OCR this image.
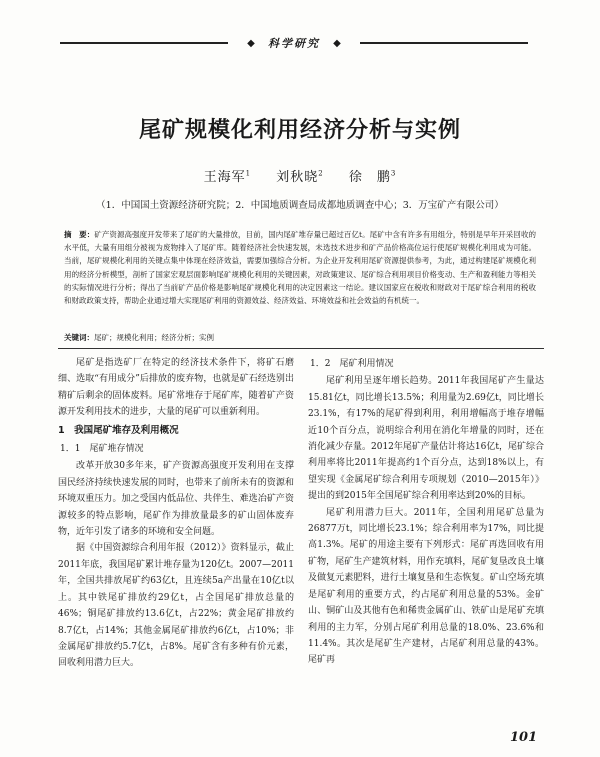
◆ 科学研究	◆
尾矿规模化利用经济分析与实例
王海军$^1$ 刘秋晓$^2$ 徐　鹏$^3$
（1．中国国土资源经济研究院；2．中国地质调查局成都地质调查中心；3．万宝矿产有限公司）
摘　要：矿产资源高强度开发带来了尾矿的大量排放，目前，国内尾矿堆存量已超过百亿t。尾矿中含有许多有用组分，特别是早年开采回收的水平低，大量有用组分被视为废物排入了尾矿库。随着经济社会快速发展，未选技术进步和矿产品价格高位运行使尾矿规模化利用成为可能。当前，尾矿规模化利用的关键点集中体现在经济效益，需要加强综合分析。为企业开发利用尾矿资源提供参考，为此，通过构建尾矿规模化利用的经济分析模型，剖析了国家宏观层面影响尾矿规模化利用的关键因素，对政策建议、尾矿综合利用项目价格变动、生产和盈利能力等相关的实际情况进行分析；得出了当前矿产品价格是影响尾矿规模化利用的决定因素这一结论。建议国家应在税收和财政对于尾矿综合利用的税收和财政政策支持，帮助企业通过增大实现尾矿利用的资源效益、经济效益、环境效益和社会效益的有机统一。
关键词：尾矿；规模化利用；经济分析；实例

尾矿是指选矿厂在特定的经济技术条件下，将矿石磨细、选取“有用成分”后排放的废弃物，也就是矿石经选别出精矿后剩余的固体废料。尾矿常堆存于尾矿库，随着矿产资源开发利用技术的进步，大量的尾矿可以重新利用。

1　我国尾矿堆存及利用概况
1．1　尾矿堆存情况

改革开放30多年来，矿产资源高强度开发利用在支撑国民经济持续快速发展的同时，也带来了前所未有的资源和环境双重压力。加之受国内低品位、共伴生、难选冶矿产资源较多的特点影响，尾矿作为排放量最多的矿山固体废弃物，近年引发了诸多的环境和安全问题。

据《中国资源综合利用年报（2012）》资料显示，截止2011年底，我国尾矿累计堆存量为120亿t。2007—2011年，全国共排放尾矿约63亿t，且连续5a产出量在10亿t以上。其中铁尾矿排放约29亿t，占全国尾矿排放总量的46%；铜尾矿排放约13.6亿t，占22%；黄金尾矿排放约8.7亿t，占14%；其他金属尾矿排放约6亿t，占10%；非金属尾矿排放约5.7亿t，占8%。尾矿含有多种有价元素，回收利用潜力巨大。

1．2　尾矿利用情况

尾矿利用呈逐年增长趋势。2011年我国尾矿产生量达15.81亿t，同比增长13.5%；利用量为2.69亿t，同比增长23.1%，有17%的尾矿得到利用，利用增幅高于堆存增幅近10个百分点，说明综合利用在消化年增量的同时，还在消化减少存量。2012年尾矿产量估计将达16亿t，尾矿综合利用率将比2011年提高约1个百分点，达到18%以上，有望实现《金属尾矿综合利用专项规划（2010—2015年）》提出的到2015年全国尾矿综合利用率达到20%的目标。

尾矿利用潜力巨大。2011年，全国利用尾矿总量为26877万t，同比增长23.1%；综合利用率为17%，同比提高1.3%。尾矿的用途主要有下列形式：尾矿再选回收有用矿物，尾矿生产建筑材料，用作充填料，尾矿复垦改良土壤及做复元素肥料，进行土壤复垦和生态恢复。矿山空场充填是尾矿利用的重要方式，约占尾矿利用总量的53%。金矿山、铜矿山及其他有色和稀贵金属矿山、铁矿山是尾矿充填利用的主力军，分别占尾矿利用总量的18.0%、23.6%和11.4%。其次是尾矿生产建材，占尾矿利用总量的43%。尾矿再

101
